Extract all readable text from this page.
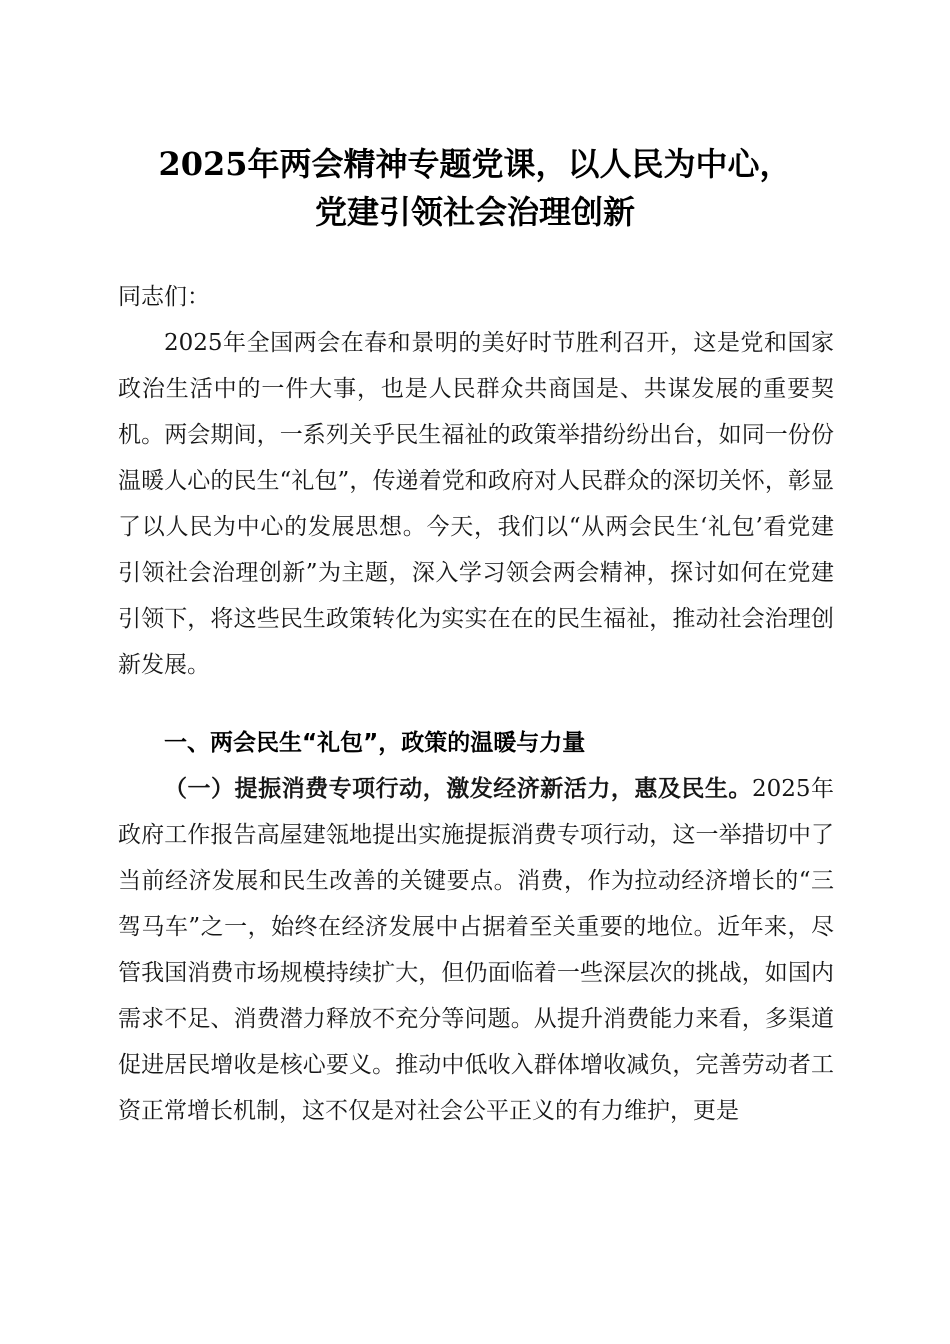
2025年两会精神专题党课，以人民为中心，
党建引领社会治理创新
同志们：
2025年全国两会在春和景明的美好时节胜利召开，这是党和国家政治生活中的一件大事，也是人民群众共商国是、共谋发展的重要契机。两会期间，一系列关乎民生福祉的政策举措纷纷出台，如同一份份温暖人心的民生“礼包”，传递着党和政府对人民群众的深切关怀，彰显了以人民为中心的发展思想。今天，我们以“从两会民生‘礼包’看党建引领社会治理创新”为主题，深入学习领会两会精神，探讨如何在党建引领下，将这些民生政策转化为实实在在的民生福祉，推动社会治理创新发展。
一、两会民生“礼包”，政策的温暖与力量
（一）提振消费专项行动，激发经济新活力，惠及民生。2025年政府工作报告高屋建瓴地提出实施提振消费专项行动，这一举措切中了当前经济发展和民生改善的关键要点。消费，作为拉动经济增长的“三驾马车”之一，始终在经济发展中占据着至关重要的地位。近年来，尽管我国消费市场规模持续扩大，但仍面临着一些深层次的挑战，如国内需求不足、消费潜力释放不充分等问题。从提升消费能力来看，多渠道促进居民增收是核心要义。推动中低收入群体增收减负，完善劳动者工资正常增长机制，这不仅是对社会公平正义的有力维护，更是
